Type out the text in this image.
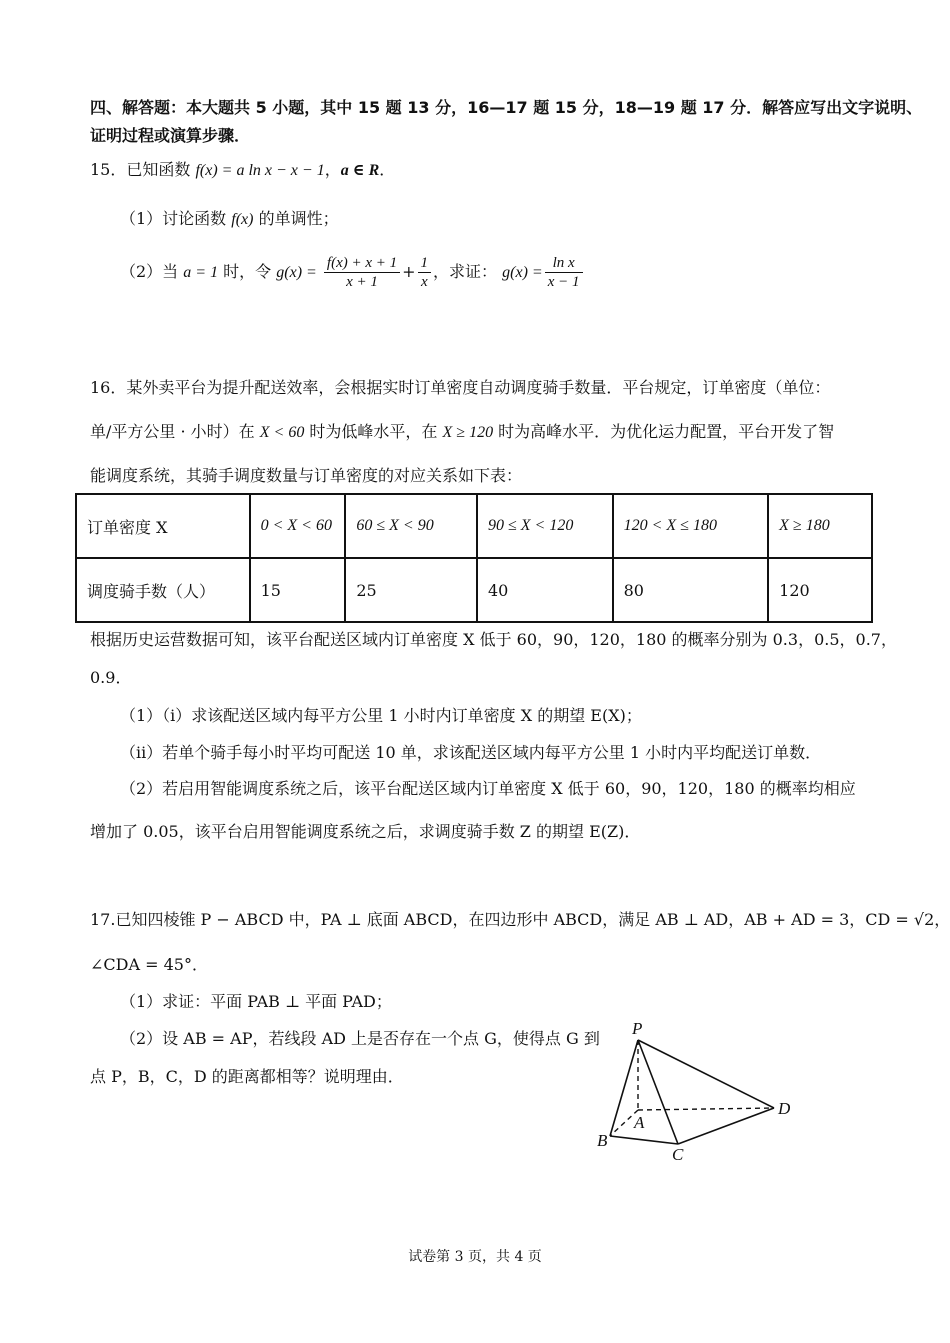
四、解答题：本大题共 5 小题，其中 15 题 13 分，16—17 题 15 分，18—19 题 17 分．解答应写出文字说明、
证明过程或演算步骤．
15．已知函数 f(x) = a ln x − x − 1，a ∈ R．
（1）讨论函数 f(x) 的单调性；
（2）当 a = 1 时，令 $g(x) = \frac{f(x) + x + 1}{x + 1} + \frac{1}{x}$ ，求证： $g(x) = \frac{\text{ln x}}{x - 1}$
16．某外卖平台为提升配送效率，会根据实时订单密度自动调度骑手数量．平台规定，订单密度（单位：
单/平方公里 · 小时）在 X < 60 时为低峰水平，在 X ≥ 120 时为高峰水平．为优化运力配置，平台开发了智
能调度系统，其骑手调度数量与订单密度的对应关系如下表：
订单密度 X	0 < X < 60	60 ≤ X < 90	90 ≤ X < 120	120 < X ≤ 180	X ≥ 180
调度骑手数（人）	15	25	40	80	120
根据历史运营数据可知，该平台配送区域内订单密度 X 低于 60，90，120，180 的概率分别为 0.3，0.5，0.7，
0.9．
（1）（i）求该配送区域内每平方公里 1 小时内订单密度 X 的期望 E(X)；
（ii）若单个骑手每小时平均可配送 10 单，求该配送区域内每平方公里 1 小时内平均配送订单数．
（2）若启用智能调度系统之后，该平台配送区域内订单密度 X 低于 60，90，120，180 的概率均相应
增加了 0.05，该平台启用智能调度系统之后，求调度骑手数 Z 的期望 E(Z)．
17.已知四棱锥 P − ABCD 中，PA ⊥ 底面 ABCD，在四边形中 ABCD，满足 AB ⊥ AD，AB + AD = 3，CD = √2，
∠CDA = 45°．
（1）求证：平面 PAB ⊥ 平面 PAD；
（2）设 AB = AP，若线段 AD 上是否存在一个点 G，使得点 G 到
点 P，B，C，D 的距离都相等？说明理由．
P
A
B
C
D
试卷第 3 页，共 4 页
